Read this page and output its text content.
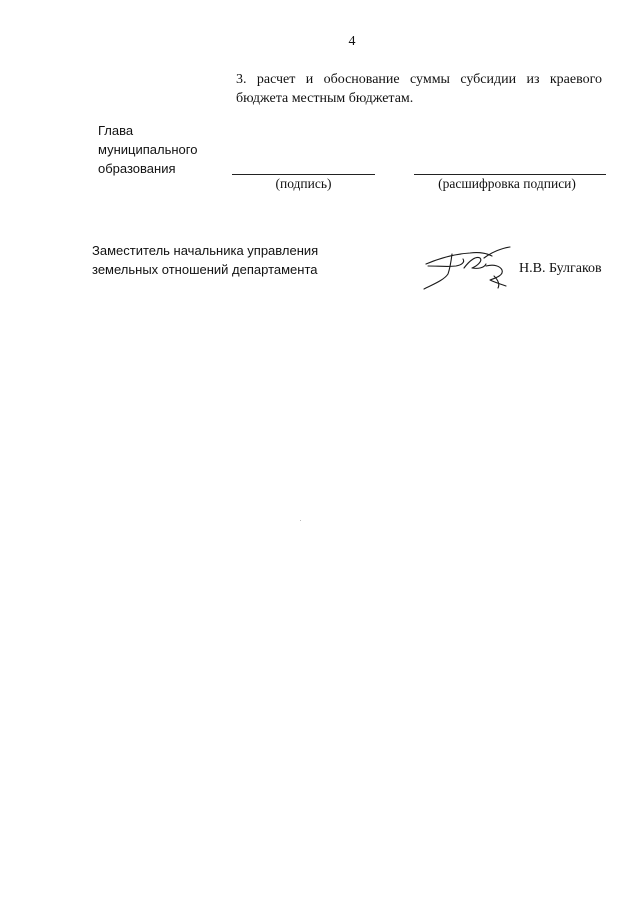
4
3. расчет и обоснование суммы субсидии из краевого
бюджета местным бюджетам.
Глава
муниципального
образования
(подпись)	(расшифровка подписи)
Заместитель начальника управления
земельных отношений департамента	Н.В. Булгаков
